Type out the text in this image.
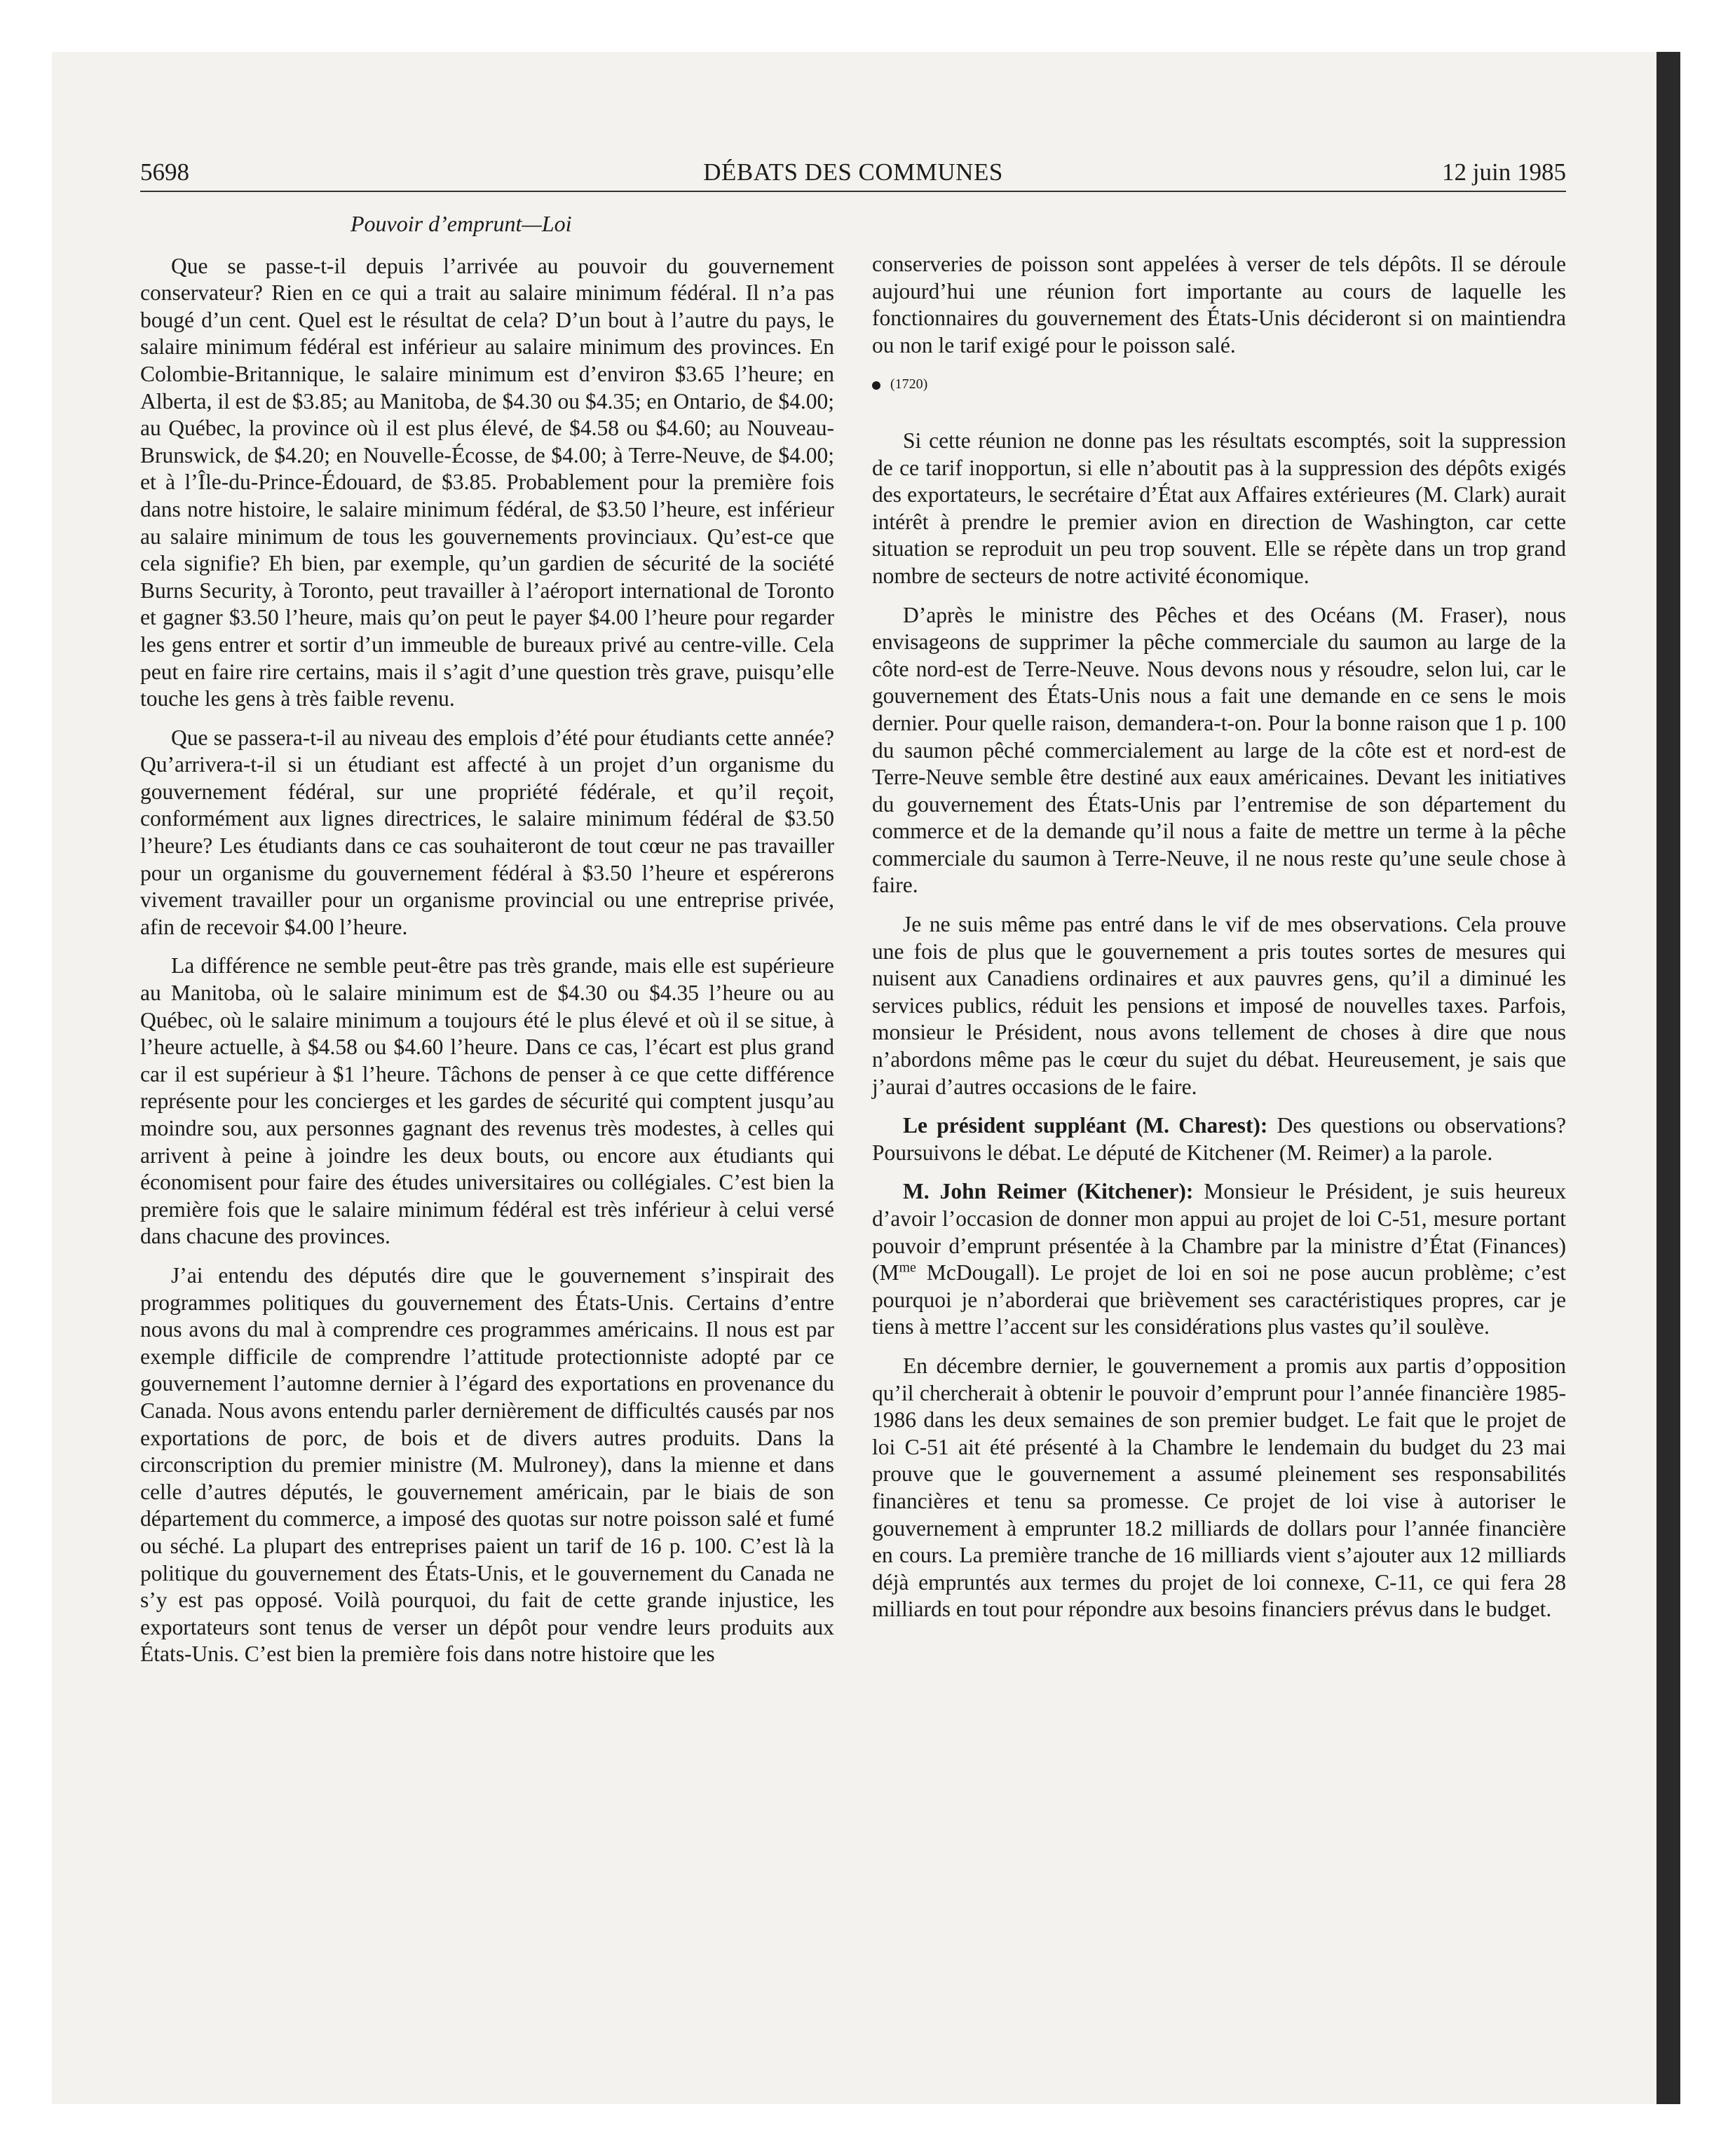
5698	DÉBATS DES COMMUNES	12 juin 1985
Pouvoir d’emprunt—Loi

Que se passe-t-il depuis l’arrivée au pouvoir du gouvernement conservateur? Rien en ce qui a trait au salaire minimum fédéral. Il n’a pas bougé d’un cent. Quel est le résultat de cela? D’un bout à l’autre du pays, le salaire minimum fédéral est inférieur au salaire minimum des provinces. En Colombie-Britannique, le salaire minimum est d’environ $3.65 l’heure; en Alberta, il est de $3.85; au Manitoba, de $4.30 ou $4.35; en Ontario, de $4.00; au Québec, la province où il est plus élevé, de $4.58 ou $4.60; au Nouveau-Brunswick, de $4.20; en Nouvelle-Écosse, de $4.00; à Terre-Neuve, de $4.00; et à l’Île-du-Prince-Édouard, de $3.85. Probablement pour la première fois dans notre histoire, le salaire minimum fédéral, de $3.50 l’heure, est inférieur au salaire minimum de tous les gouvernements provinciaux. Qu’est-ce que cela signifie? Eh bien, par exemple, qu’un gardien de sécurité de la société Burns Security, à Toronto, peut travailler à l’aéroport international de Toronto et gagner $3.50 l’heure, mais qu’on peut le payer $4.00 l’heure pour regarder les gens entrer et sortir d’un immeuble de bureaux privé au centre-ville. Cela peut en faire rire certains, mais il s’agit d’une question très grave, puisqu’elle touche les gens à très faible revenu.

Que se passera-t-il au niveau des emplois d’été pour étudiants cette année? Qu’arrivera-t-il si un étudiant est affecté à un projet d’un organisme du gouvernement fédéral, sur une propriété fédérale, et qu’il reçoit, conformément aux lignes directrices, le salaire minimum fédéral de $3.50 l’heure? Les étudiants dans ce cas souhaiteront de tout cœur ne pas travailler pour un organisme du gouvernement fédéral à $3.50 l’heure et espérerons vivement travailler pour un organisme provincial ou une entreprise privée, afin de recevoir $4.00 l’heure.

La différence ne semble peut-être pas très grande, mais elle est supérieure au Manitoba, où le salaire minimum est de $4.30 ou $4.35 l’heure ou au Québec, où le salaire minimum a toujours été le plus élevé et où il se situe, à l’heure actuelle, à $4.58 ou $4.60 l’heure. Dans ce cas, l’écart est plus grand car il est supérieur à $1 l’heure. Tâchons de penser à ce que cette différence représente pour les concierges et les gardes de sécurité qui comptent jusqu’au moindre sou, aux personnes gagnant des revenus très modestes, à celles qui arrivent à peine à joindre les deux bouts, ou encore aux étudiants qui économisent pour faire des études universitaires ou collégiales. C’est bien la première fois que le salaire minimum fédéral est très inférieur à celui versé dans chacune des provinces.

J’ai entendu des députés dire que le gouvernement s’inspirait des programmes politiques du gouvernement des États-Unis. Certains d’entre nous avons du mal à comprendre ces programmes américains. Il nous est par exemple difficile de comprendre l’attitude protectionniste adopté par ce gouvernement l’automne dernier à l’égard des exportations en provenance du Canada. Nous avons entendu parler dernièrement de difficultés causés par nos exportations de porc, de bois et de divers autres produits. Dans la circonscription du premier ministre (M. Mulroney), dans la mienne et dans celle d’autres députés, le gouvernement américain, par le biais de son département du commerce, a imposé des quotas sur notre poisson salé et fumé ou séché. La plupart des entreprises paient un tarif de 16 p. 100. C’est là la politique du gouvernement des États-Unis, et le gouvernement du Canada ne s’y est pas opposé. Voilà pourquoi, du fait de cette grande injustice, les exportateurs sont tenus de verser un dépôt pour vendre leurs produits aux États-Unis. C’est bien la première fois dans notre histoire que les

conserveries de poisson sont appelées à verser de tels dépôts. Il se déroule aujourd’hui une réunion fort importante au cours de laquelle les fonctionnaires du gouvernement des États-Unis décideront si on maintiendra ou non le tarif exigé pour le poisson salé.

(1720)

Si cette réunion ne donne pas les résultats escomptés, soit la suppression de ce tarif inopportun, si elle n’aboutit pas à la suppression des dépôts exigés des exportateurs, le secrétaire d’État aux Affaires extérieures (M. Clark) aurait intérêt à prendre le premier avion en direction de Washington, car cette situation se reproduit un peu trop souvent. Elle se répète dans un trop grand nombre de secteurs de notre activité économique.

D’après le ministre des Pêches et des Océans (M. Fraser), nous envisageons de supprimer la pêche commerciale du saumon au large de la côte nord-est de Terre-Neuve. Nous devons nous y résoudre, selon lui, car le gouvernement des États-Unis nous a fait une demande en ce sens le mois dernier. Pour quelle raison, demandera-t-on. Pour la bonne raison que 1 p. 100 du saumon pêché commercialement au large de la côte est et nord-est de Terre-Neuve semble être destiné aux eaux américaines. Devant les initiatives du gouvernement des États-Unis par l’entremise de son département du commerce et de la demande qu’il nous a faite de mettre un terme à la pêche commerciale du saumon à Terre-Neuve, il ne nous reste qu’une seule chose à faire.

Je ne suis même pas entré dans le vif de mes observations. Cela prouve une fois de plus que le gouvernement a pris toutes sortes de mesures qui nuisent aux Canadiens ordinaires et aux pauvres gens, qu’il a diminué les services publics, réduit les pensions et imposé de nouvelles taxes. Parfois, monsieur le Président, nous avons tellement de choses à dire que nous n’abordons même pas le cœur du sujet du débat. Heureusement, je sais que j’aurai d’autres occasions de le faire.

Le président suppléant (M. Charest): Des questions ou observations? Poursuivons le débat. Le député de Kitchener (M. Reimer) a la parole.

M. John Reimer (Kitchener): Monsieur le Président, je suis heureux d’avoir l’occasion de donner mon appui au projet de loi C-51, mesure portant pouvoir d’emprunt présentée à la Chambre par la ministre d’État (Finances) ($M^{me}$ McDougall). Le projet de loi en soi ne pose aucun problème; c’est pourquoi je n’aborderai que brièvement ses caractéristiques propres, car je tiens à mettre l’accent sur les considérations plus vastes qu’il soulève.

En décembre dernier, le gouvernement a promis aux partis d’opposition qu’il chercherait à obtenir le pouvoir d’emprunt pour l’année financière 1985-1986 dans les deux semaines de son premier budget. Le fait que le projet de loi C-51 ait été présenté à la Chambre le lendemain du budget du 23 mai prouve que le gouvernement a assumé pleinement ses responsabilités financières et tenu sa promesse. Ce projet de loi vise à autoriser le gouvernement à emprunter 18.2 milliards de dollars pour l’année financière en cours. La première tranche de 16 milliards vient s’ajouter aux 12 milliards déjà empruntés aux termes du projet de loi connexe, C-11, ce qui fera 28 milliards en tout pour répondre aux besoins financiers prévus dans le budget.
